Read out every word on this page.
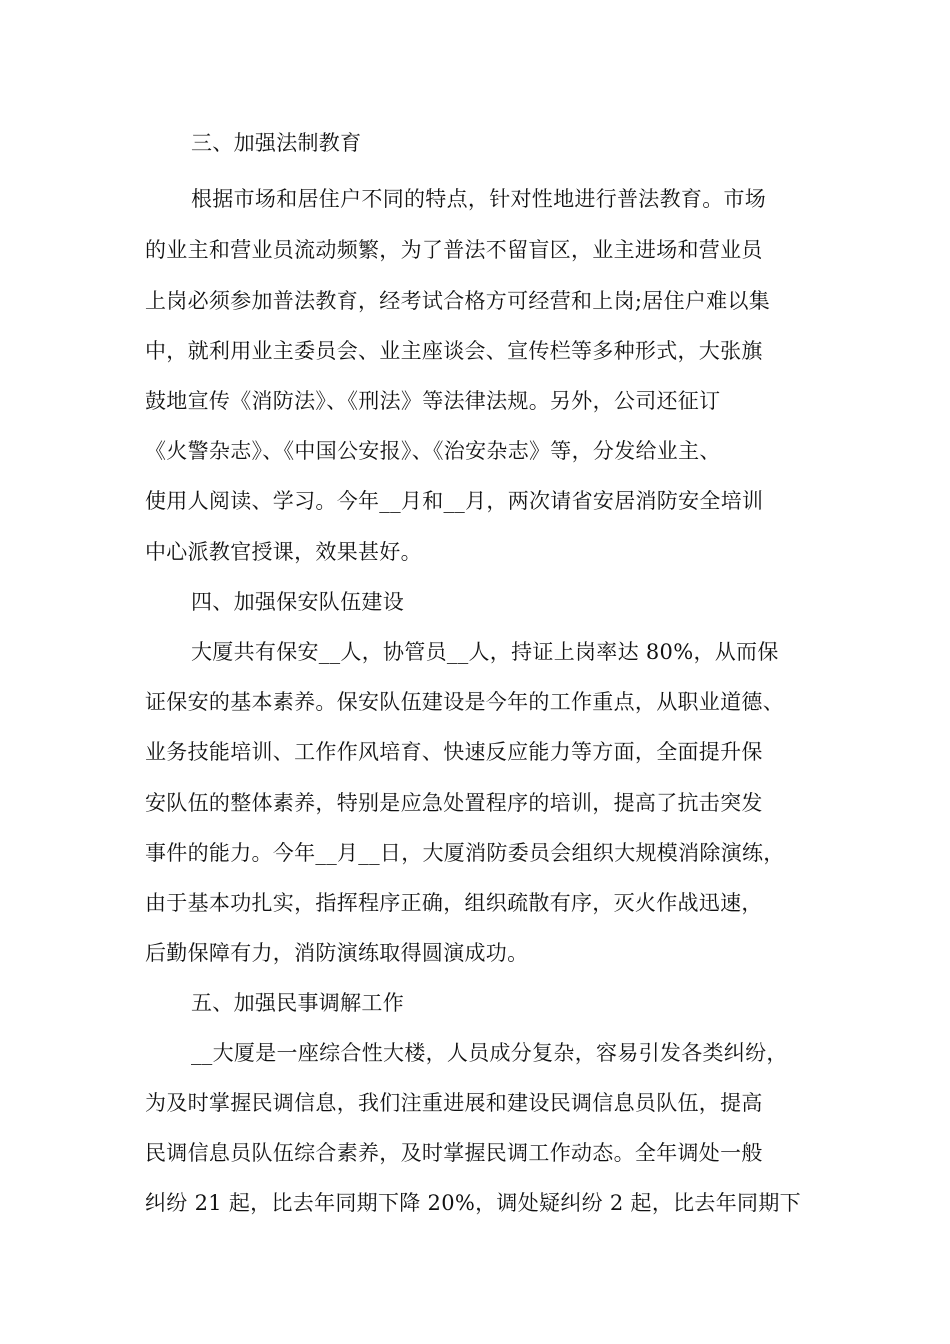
三、加强法制教育
根据市场和居住户不同的特点，针对性地进行普法教育。市场
的业主和营业员流动频繁，为了普法不留盲区，业主进场和营业员
上岗必须参加普法教育，经考试合格方可经营和上岗;居住户难以集
中，就利用业主委员会、业主座谈会、宣传栏等多种形式，大张旗
鼓地宣传《消防法》、《刑法》等法律法规。另外，公司还征订
《火警杂志》、《中国公安报》、《治安杂志》等，分发给业主、
使用人阅读、学习。今年__月和__月，两次请省安居消防安全培训
中心派教官授课，效果甚好。
四、加强保安队伍建设
大厦共有保安__人，协管员__人，持证上岗率达 80%，从而保
证保安的基本素养。保安队伍建设是今年的工作重点，从职业道德、
业务技能培训、工作作风培育、快速反应能力等方面，全面提升保
安队伍的整体素养，特别是应急处置程序的培训，提高了抗击突发
事件的能力。今年__月__日，大厦消防委员会组织大规模消除演练，
由于基本功扎实，指挥程序正确，组织疏散有序，灭火作战迅速，
后勤保障有力，消防演练取得圆演成功。
五、加强民事调解工作
__大厦是一座综合性大楼，人员成分复杂，容易引发各类纠纷，
为及时掌握民调信息，我们注重进展和建设民调信息员队伍，提高
民调信息员队伍综合素养，及时掌握民调工作动态。全年调处一般
纠纷 21 起，比去年同期下降 20%，调处疑纠纷 2 起，比去年同期下
